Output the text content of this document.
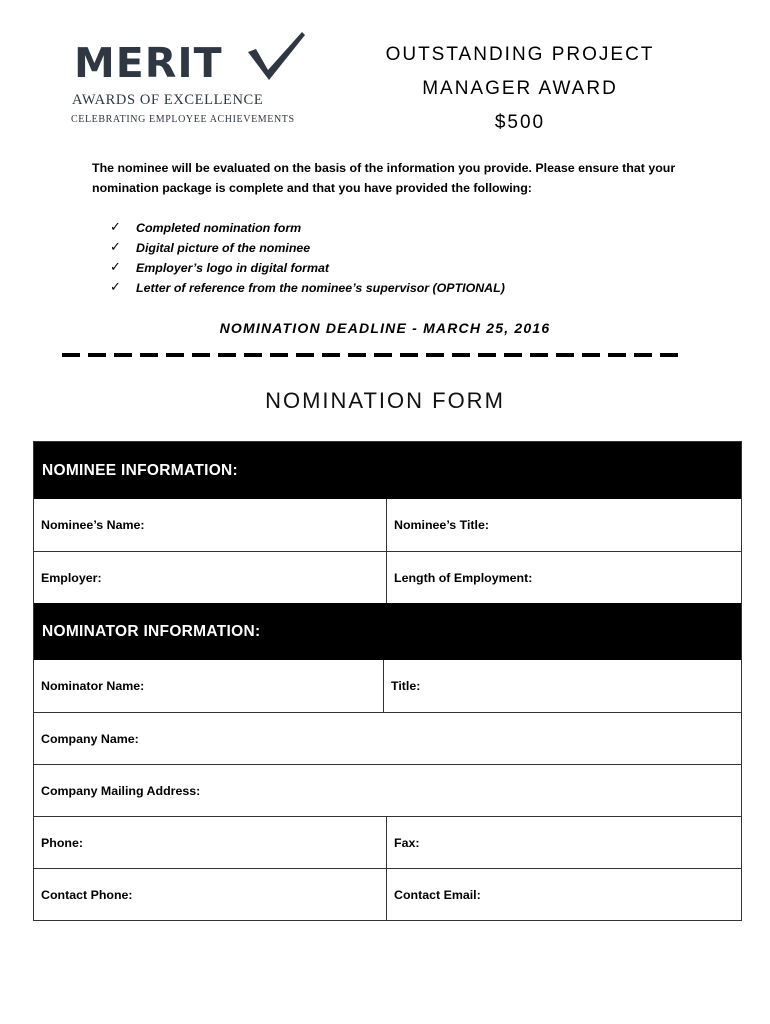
MERIT
AWARDS OF EXCELLENCE
CELEBRATING EMPLOYEE ACHIEVEMENTS
OUTSTANDING PROJECT
MANAGER AWARD
$500
The nominee will be evaluated on the basis of the information you provide. Please ensure that your nomination package is complete and that you have provided the following:
✓	Completed nomination form
✓	Digital picture of the nominee
✓	Employer’s logo in digital format
✓	Letter of reference from the nominee’s supervisor (OPTIONAL)
NOMINATION DEADLINE - MARCH 25, 2016
NOMINATION FORM
NOMINEE INFORMATION:
Nominee’s Name:	Nominee’s Title:
Employer:	Length of Employment:
NOMINATOR INFORMATION:
Nominator Name:	Title:
Company Name:
Company Mailing Address:
Phone:	Fax:
Contact Phone:	Contact Email:
